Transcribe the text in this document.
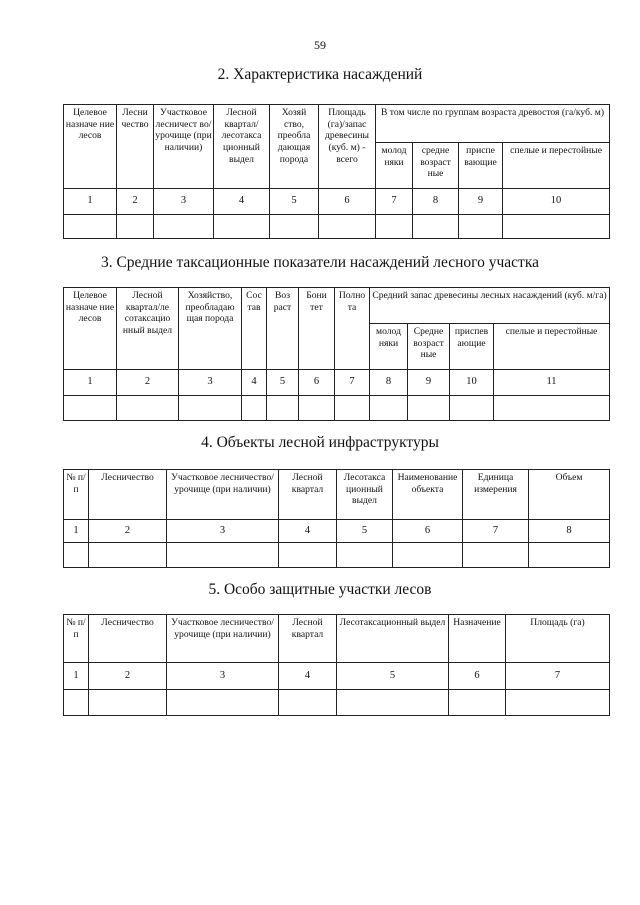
59
2. Характеристика насаждений
Целевое назначе ние лесов	Лесни чество	Участковое лесничест во/урочище (при наличии)	Лесной квартал/ лесотакса ционный выдел	Хозяй ство, преобла дающая порода	Площадь (га)/запас древесины (куб. м) - всего	В том числе по группам возраста древостоя (га/куб. м)			
						молод няки	средне возраст ные	приспе вающие	спелые и перестойные
1	2	3	4	5	6	7	8	9	10

3. Средние таксационные показатели насаждений лесного участка
Целевое назначе ние лесов	Лесной квартал/ле сотаксацио нный выдел	Хозяйство, преобладаю щая порода	Сос тав	Воз раст	Бони тет	Полно та	Средний запас древесины лесных насаждений (куб. м/га)			
							молод няки	Средне возраст ные	приспев ающие	спелые и перестойные
1	2	3	4	5	6	7	8	9	10	11

4. Объекты лесной инфраструктуры
№ п/п	Лесничество	Участковое лесничество/ урочище (при наличии)	Лесной квартал	Лесотакса ционный выдел	Наименование объекта	Единица измерения	Объем
1	2	3	4	5	6	7	8

5. Особо защитные участки лесов
№ п/п	Лесничество	Участковое лесничество/урочище (при наличии)	Лесной квартал	Лесотаксационный выдел	Назначение	Площадь (га)
1	2	3	4	5	6	7
